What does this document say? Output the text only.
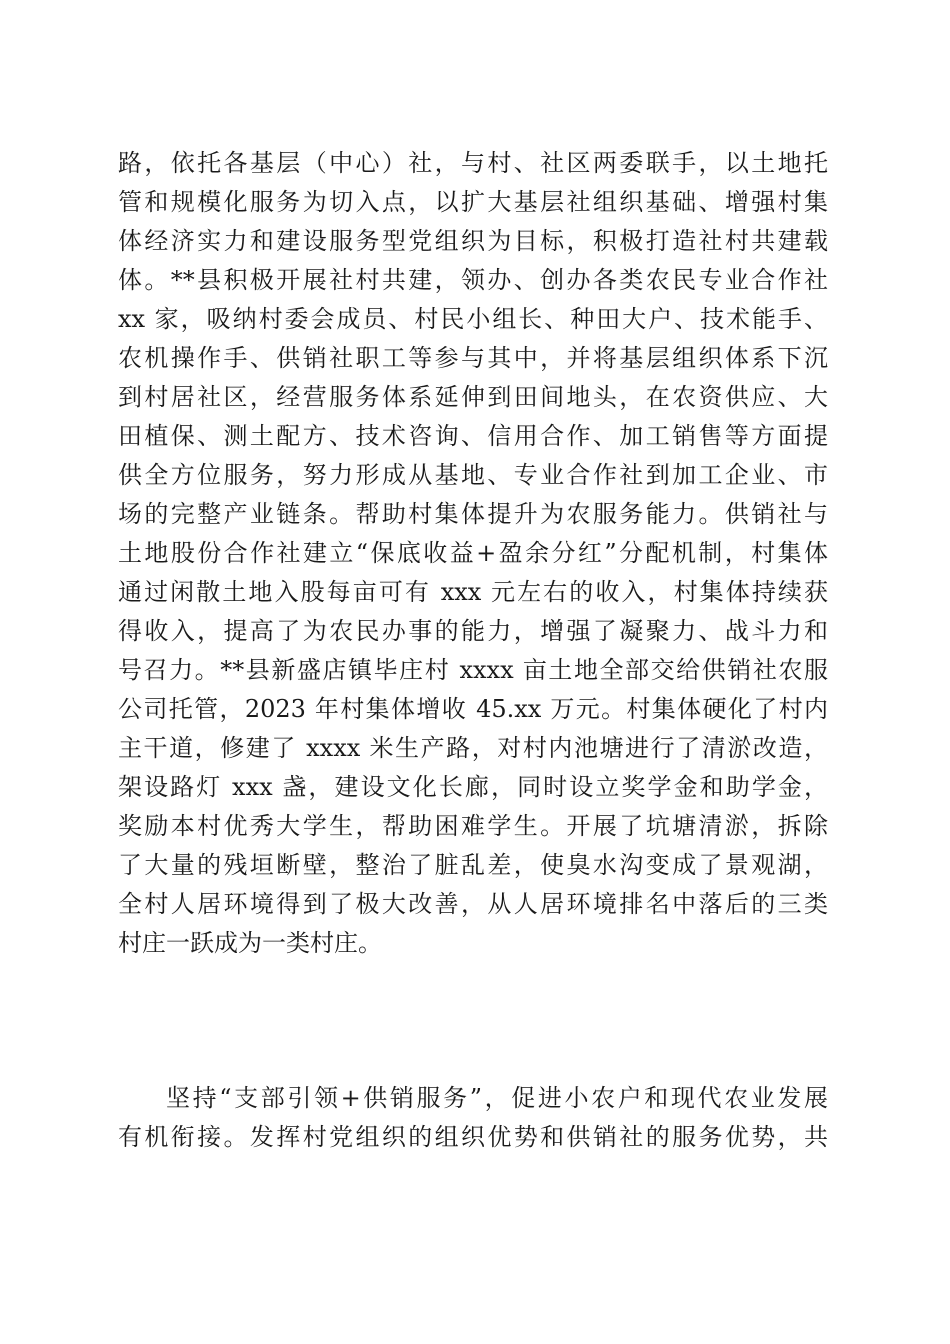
路，依托各基层（中心）社，与村、社区两委联手，以土地托
管和规模化服务为切入点，以扩大基层社组织基础、增强村集
体经济实力和建设服务型党组织为目标，积极打造社村共建载
体。**县积极开展社村共建，领办、创办各类农民专业合作社
xx 家，吸纳村委会成员、村民小组长、种田大户、技术能手、
农机操作手、供销社职工等参与其中，并将基层组织体系下沉
到村居社区，经营服务体系延伸到田间地头，在农资供应、大
田植保、测土配方、技术咨询、信用合作、加工销售等方面提
供全方位服务，努力形成从基地、专业合作社到加工企业、市
场的完整产业链条。帮助村集体提升为农服务能力。供销社与
土地股份合作社建立“保底收益+盈余分红”分配机制，村集体
通过闲散土地入股每亩可有 xxx 元左右的收入，村集体持续获
得收入，提高了为农民办事的能力，增强了凝聚力、战斗力和
号召力。**县新盛店镇毕庄村 xxxx 亩土地全部交给供销社农服
公司托管，2023 年村集体增收 45.xx 万元。村集体硬化了村内
主干道，修建了 xxxx 米生产路，对村内池塘进行了清淤改造，
架设路灯 xxx 盏，建设文化长廊，同时设立奖学金和助学金，
奖励本村优秀大学生，帮助困难学生。开展了坑塘清淤，拆除
了大量的残垣断壁，整治了脏乱差，使臭水沟变成了景观湖，
全村人居环境得到了极大改善，从人居环境排名中落后的三类
村庄一跃成为一类村庄。
坚持“支部引领+供销服务”，促进小农户和现代农业发展
有机衔接。发挥村党组织的组织优势和供销社的服务优势，共
